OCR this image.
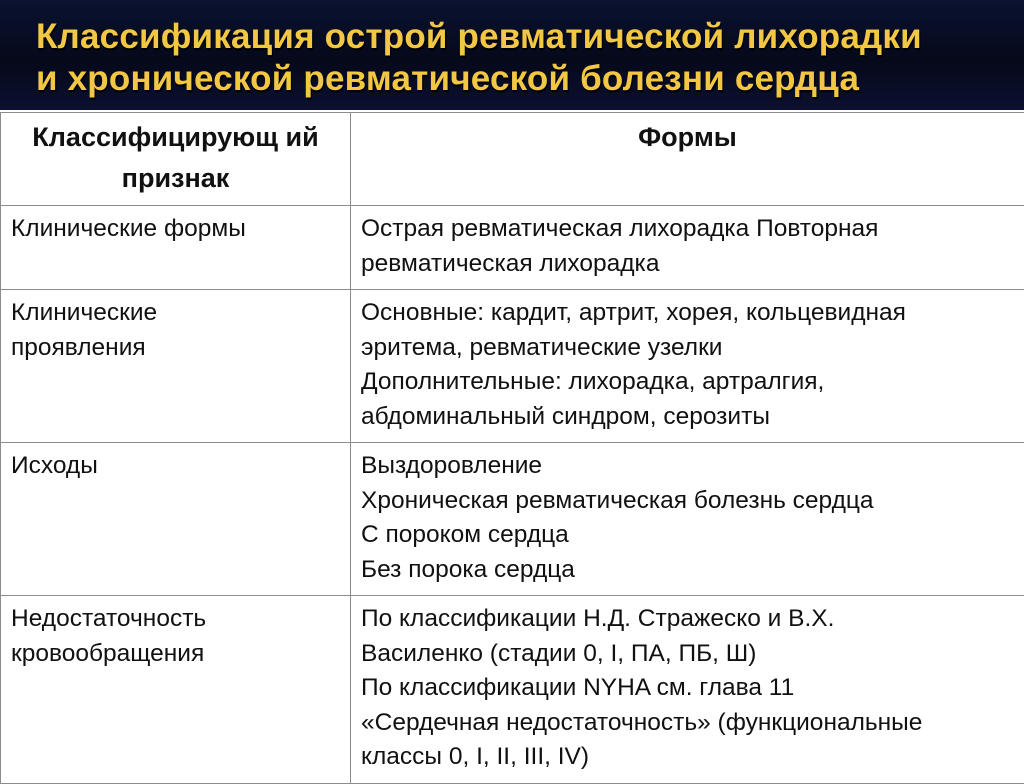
Классификация острой ревматической лихорадки
и хронической ревматической болезни сердца
Классифицирующ ий признак	Формы

Клинические формы	Острая ревматическая лихорадка Повторная ревматическая лихорадка

Клинические
проявления	Основные: кардит, артрит, хорея, кольцевидная
эритема, ревматические узелки
Дополнительные: лихорадка, артралгия,
абдоминальный синдром, серозиты

Исходы	Выздоровление
Хроническая ревматическая болезнь сердца
С пороком сердца
Без порока сердца

Недостаточность
кровообращения	По классификации Н.Д. Стражеско и В.Х.
Василенко (стадии 0, I, ПА, ПБ, Ш)
По классификации NYHA см. глава 11
«Сердечная недостаточность» (функциональные
классы 0, I, II, III, IV)
